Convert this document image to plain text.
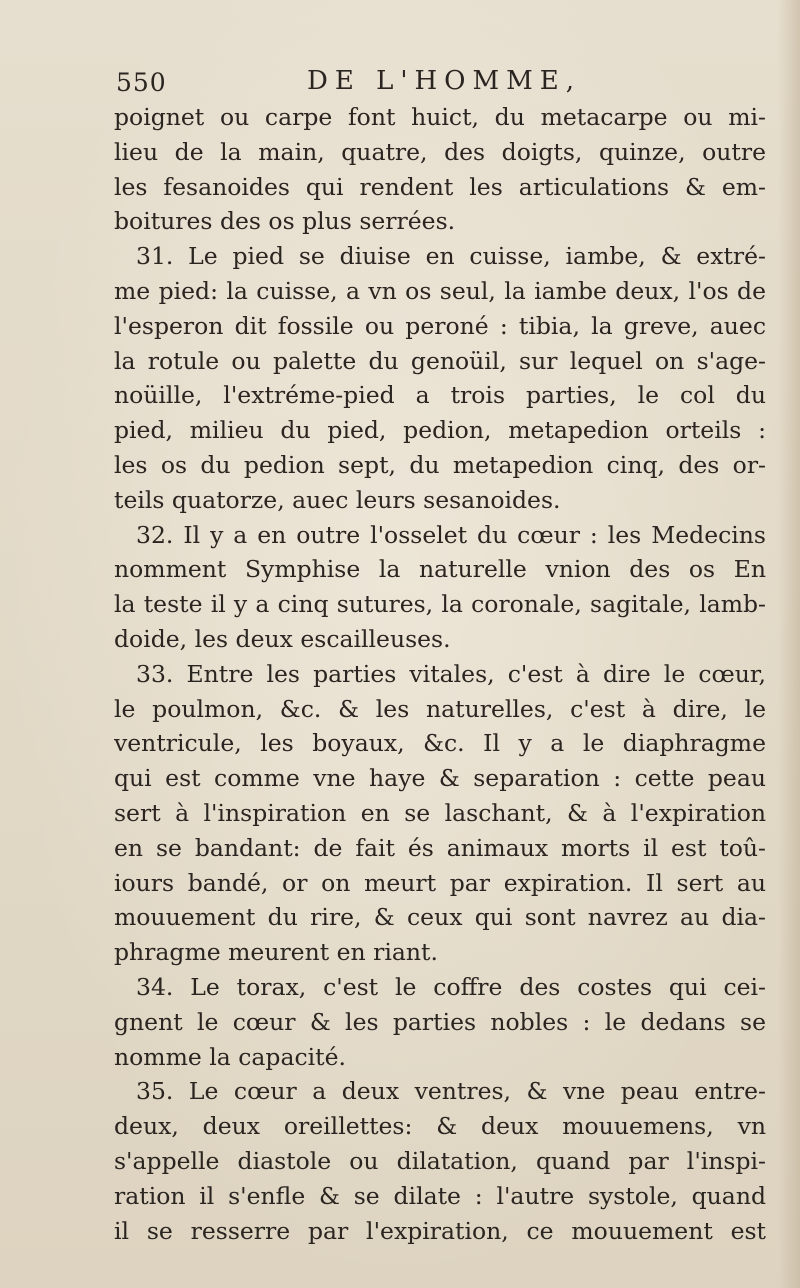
550	DE L'HOMME,
poignet ou carpe font huict, du metacarpe ou mi-
lieu de la main, quatre, des doigts, quinze, outre
les fesanoides qui rendent les articulations & em-
boitures des os plus serrées.
31. Le pied se diuise en cuisse, iambe, & extré-
me pied: la cuisse, a vn os seul, la iambe deux, l'os de
l'esperon dit fossile ou peroné : tibia, la greve, auec
la rotule ou palette du genoüil, sur lequel on s'age-
noüille, l'extréme-pied a trois parties, le col du
pied, milieu du pied, pedion, metapedion orteils :
les os du pedion sept, du metapedion cinq, des or-
teils quatorze, auec leurs sesanoides.
32. Il y a en outre l'osselet du cœur : les Medecins
nomment Symphise la naturelle vnion des os En
la teste il y a cinq sutures, la coronale, sagitale, lamb-
doide, les deux escailleuses.
33. Entre les parties vitales, c'est à dire le cœur,
le poulmon, &c. & les naturelles, c'est à dire, le
ventricule, les boyaux, &c. Il y a le diaphragme
qui est comme vne haye & separation : cette peau
sert à l'inspiration en se laschant, & à l'expiration
en se bandant: de fait és animaux morts il est toû-
iours bandé, or on meurt par expiration. Il sert au
mouuement du rire, & ceux qui sont navrez au dia-
phragme meurent en riant.
34. Le torax, c'est le coffre des costes qui cei-
gnent le cœur & les parties nobles : le dedans se
nomme la capacité.
35. Le cœur a deux ventres, & vne peau entre-
deux, deux oreillettes: & deux mouuemens, vn
s'appelle diastole ou dilatation, quand par l'inspi-
ration il s'enfle & se dilate : l'autre systole, quand
il se resserre par l'expiration, ce mouuement est
